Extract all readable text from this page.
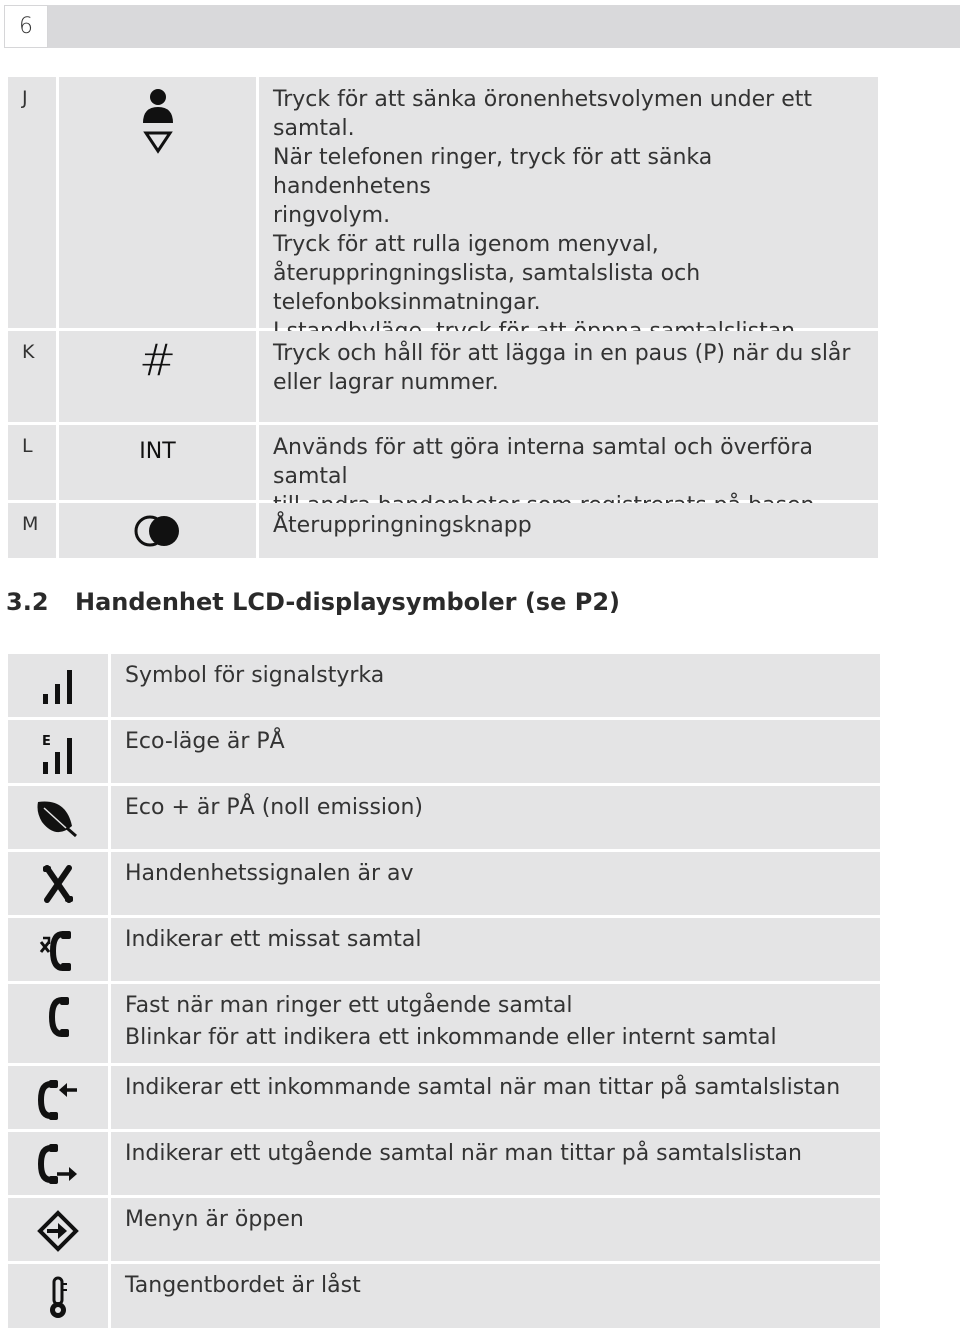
6
J	Tryck för att sänka öronenhetsvolymen under ett
samtal.
När telefonen ringer, tryck för att sänka handenhetens
ringvolym.
Tryck för att rulla igenom menyval,
återuppringningslista, samtalslista och
telefonboksinmatningar.
K	#	Tryck och håll för att lägga in en paus (P) när du slår
eller lagrar nummer.
L	INT	Används för att göra interna samtal och överföra samtal
M	Återuppringningsknapp
3.2 Handenhet LCD-displaysymboler (se P2)
Symbol för signalstyrka
E	Eco-läge är PÅ
Eco + är PÅ (noll emission)
Handenhetssignalen är av
Indikerar ett missat samtal
Fast när man ringer ett utgående samtal
Blinkar för att indikera ett inkommande eller internt samtal
Indikerar ett inkommande samtal när man tittar på samtalslistan
Indikerar ett utgående samtal när man tittar på samtalslistan
Menyn är öppen
Tangentbordet är låst
